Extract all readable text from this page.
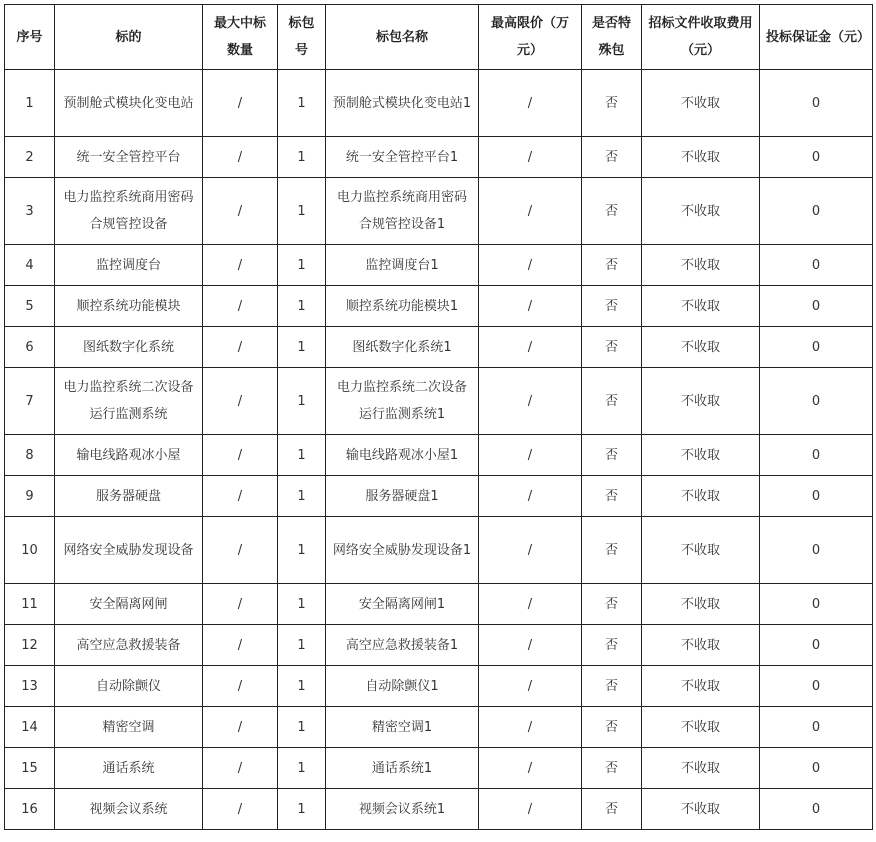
序号	标的	最大中标数量	标包号	标包名称	最高限价（万元）	是否特殊包	招标文件收取费用（元）	投标保证金（元）
1	预制舱式模块化变电站	/	1	预制舱式模块化变电站1	/	否	不收取	0
2	统一安全管控平台	/	1	统一安全管控平台1	/	否	不收取	0
3	电力监控系统商用密码合规管控设备	/	1	电力监控系统商用密码合规管控设备1	/	否	不收取	0
4	监控调度台	/	1	监控调度台1	/	否	不收取	0
5	顺控系统功能模块	/	1	顺控系统功能模块1	/	否	不收取	0
6	图纸数字化系统	/	1	图纸数字化系统1	/	否	不收取	0
7	电力监控系统二次设备运行监测系统	/	1	电力监控系统二次设备运行监测系统1	/	否	不收取	0
8	输电线路观冰小屋	/	1	输电线路观冰小屋1	/	否	不收取	0
9	服务器硬盘	/	1	服务器硬盘1	/	否	不收取	0
10	网络安全威胁发现设备	/	1	网络安全威胁发现设备1	/	否	不收取	0
11	安全隔离网闸	/	1	安全隔离网闸1	/	否	不收取	0
12	高空应急救援装备	/	1	高空应急救援装备1	/	否	不收取	0
13	自动除颤仪	/	1	自动除颤仪1	/	否	不收取	0
14	精密空调	/	1	精密空调1	/	否	不收取	0
15	通话系统	/	1	通话系统1	/	否	不收取	0
16	视频会议系统	/	1	视频会议系统1	/	否	不收取	0
